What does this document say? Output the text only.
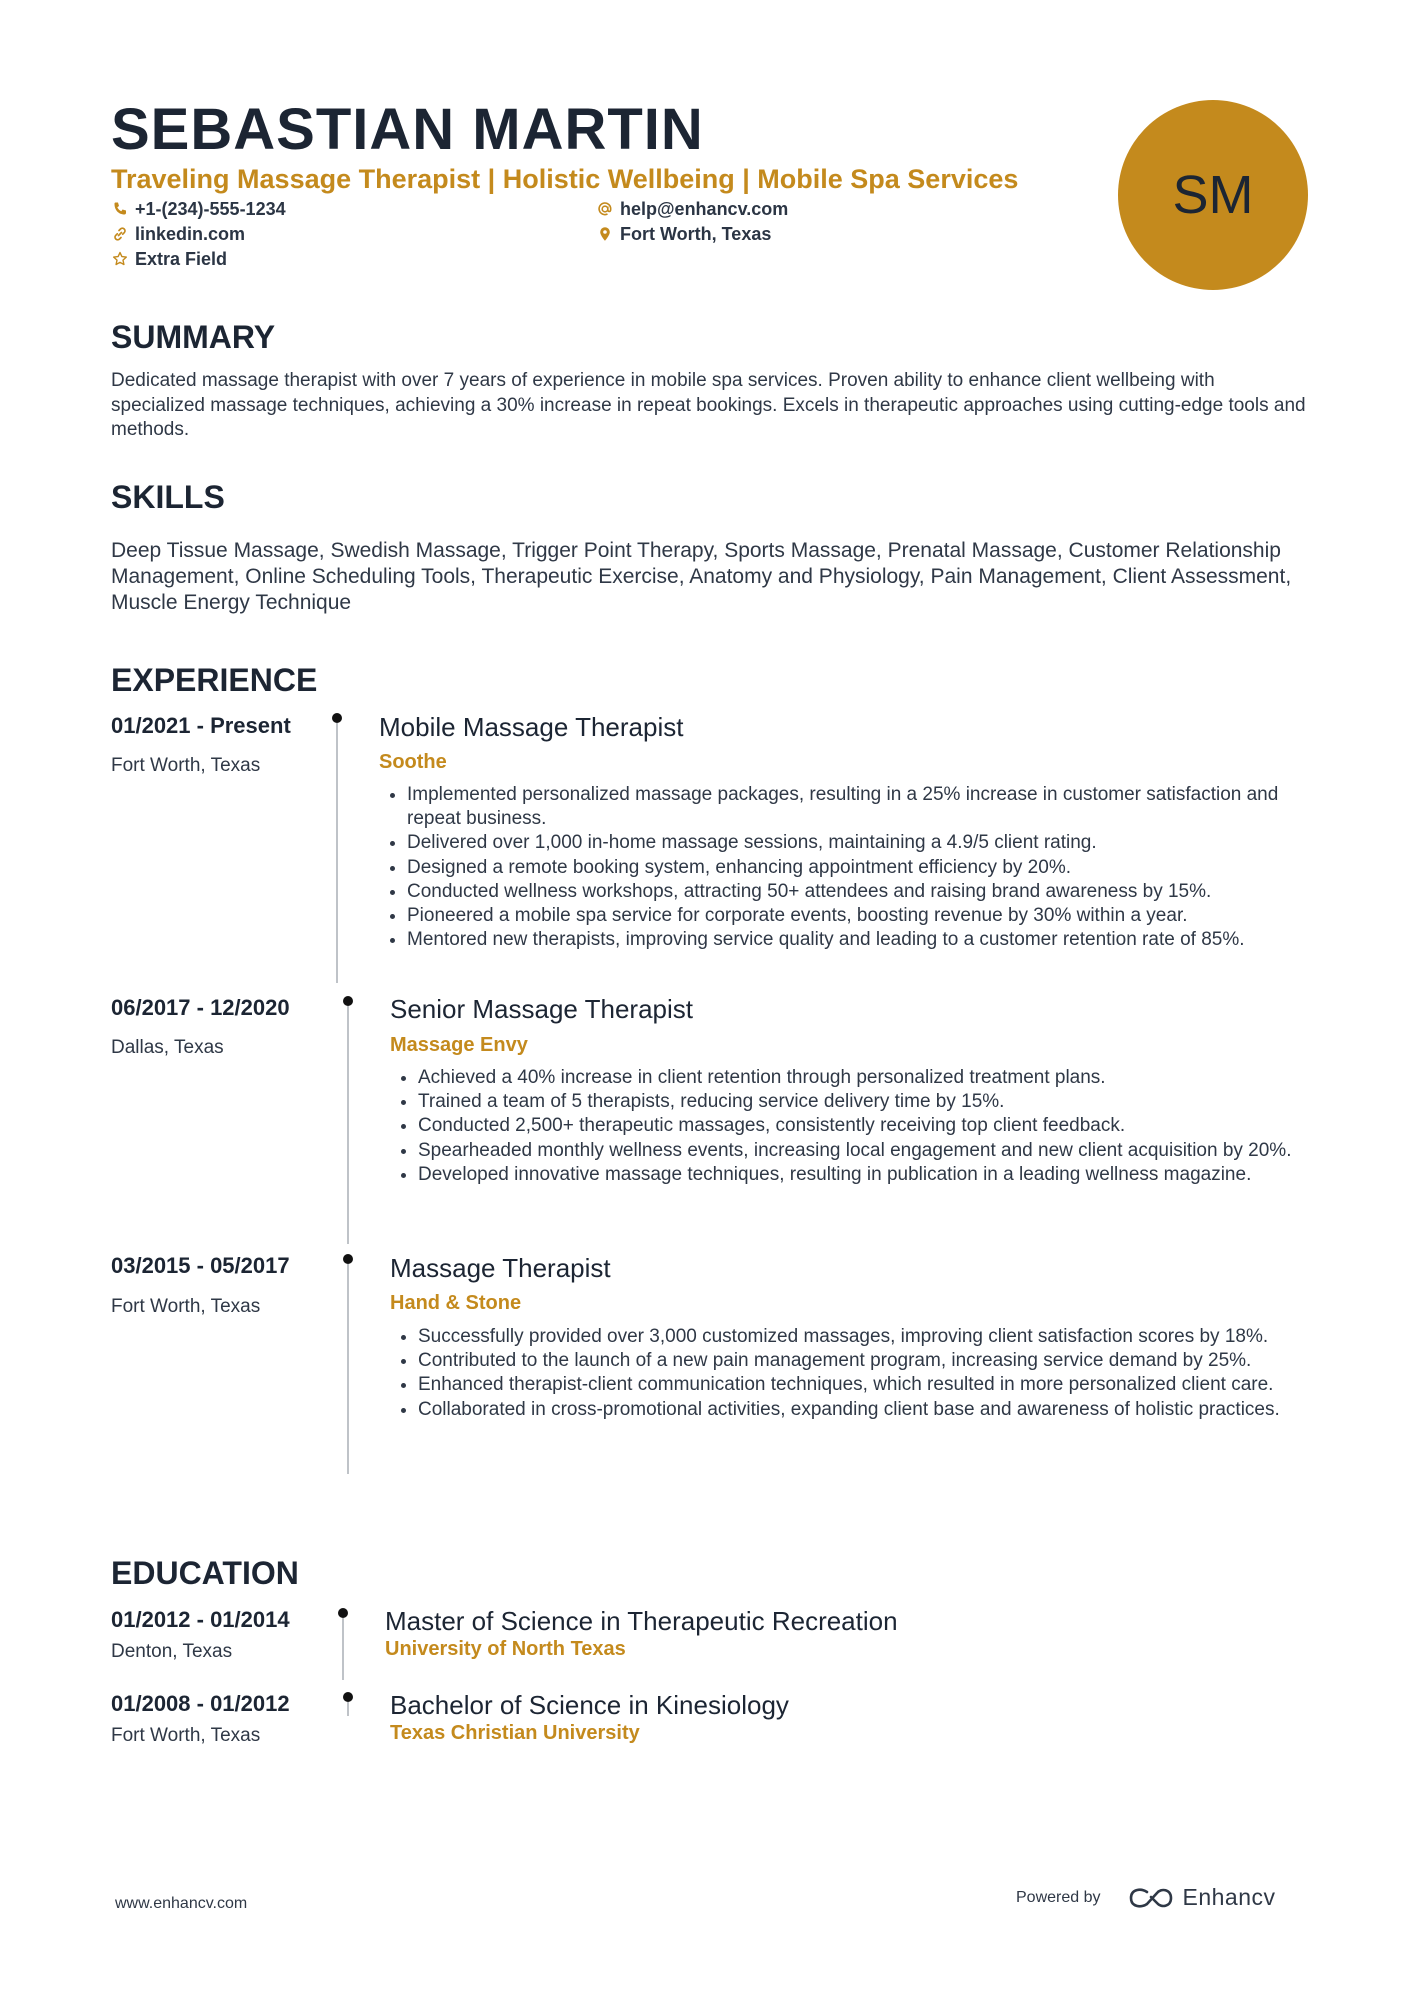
SEBASTIAN MARTIN
Traveling Massage Therapist | Holistic Wellbeing | Mobile Spa Services
+1-(234)-555-1234	help@enhancv.com
linkedin.com	Fort Worth, Texas
Extra Field
SM
SUMMARY

Dedicated massage therapist with over 7 years of experience in mobile spa services. Proven ability to enhance client wellbeing with specialized massage techniques, achieving a 30% increase in repeat bookings. Excels in therapeutic approaches using cutting-edge tools and methods.

SKILLS

Deep Tissue Massage, Swedish Massage, Trigger Point Therapy, Sports Massage, Prenatal Massage, Customer Relationship Management, Online Scheduling Tools, Therapeutic Exercise, Anatomy and Physiology, Pain Management, Client Assessment, Muscle Energy Technique

EXPERIENCE
01/2021 - Present
Fort Worth, Texas
Mobile Massage Therapist
Soothe
• Implemented personalized massage packages, resulting in a 25% increase in customer satisfaction and repeat business.
• Delivered over 1,000 in-home massage sessions, maintaining a 4.9/5 client rating.
• Designed a remote booking system, enhancing appointment efficiency by 20%.
• Conducted wellness workshops, attracting 50+ attendees and raising brand awareness by 15%.
• Pioneered a mobile spa service for corporate events, boosting revenue by 30% within a year.
• Mentored new therapists, improving service quality and leading to a customer retention rate of 85%.
06/2017 - 12/2020
Dallas, Texas
Senior Massage Therapist
Massage Envy
• Achieved a 40% increase in client retention through personalized treatment plans.
• Trained a team of 5 therapists, reducing service delivery time by 15%.
• Conducted 2,500+ therapeutic massages, consistently receiving top client feedback.
• Spearheaded monthly wellness events, increasing local engagement and new client acquisition by 20%.
• Developed innovative massage techniques, resulting in publication in a leading wellness magazine.
03/2015 - 05/2017
Fort Worth, Texas
Massage Therapist
Hand & Stone
• Successfully provided over 3,000 customized massages, improving client satisfaction scores by 18%.
• Contributed to the launch of a new pain management program, increasing service demand by 25%.
• Enhanced therapist-client communication techniques, which resulted in more personalized client care.
• Collaborated in cross-promotional activities, expanding client base and awareness of holistic practices.
EDUCATION
01/2012 - 01/2014
Denton, Texas
Master of Science in Therapeutic Recreation
University of North Texas
01/2008 - 01/2012
Fort Worth, Texas
Bachelor of Science in Kinesiology
Texas Christian University
www.enhancv.com	Powered by	Enhancv
